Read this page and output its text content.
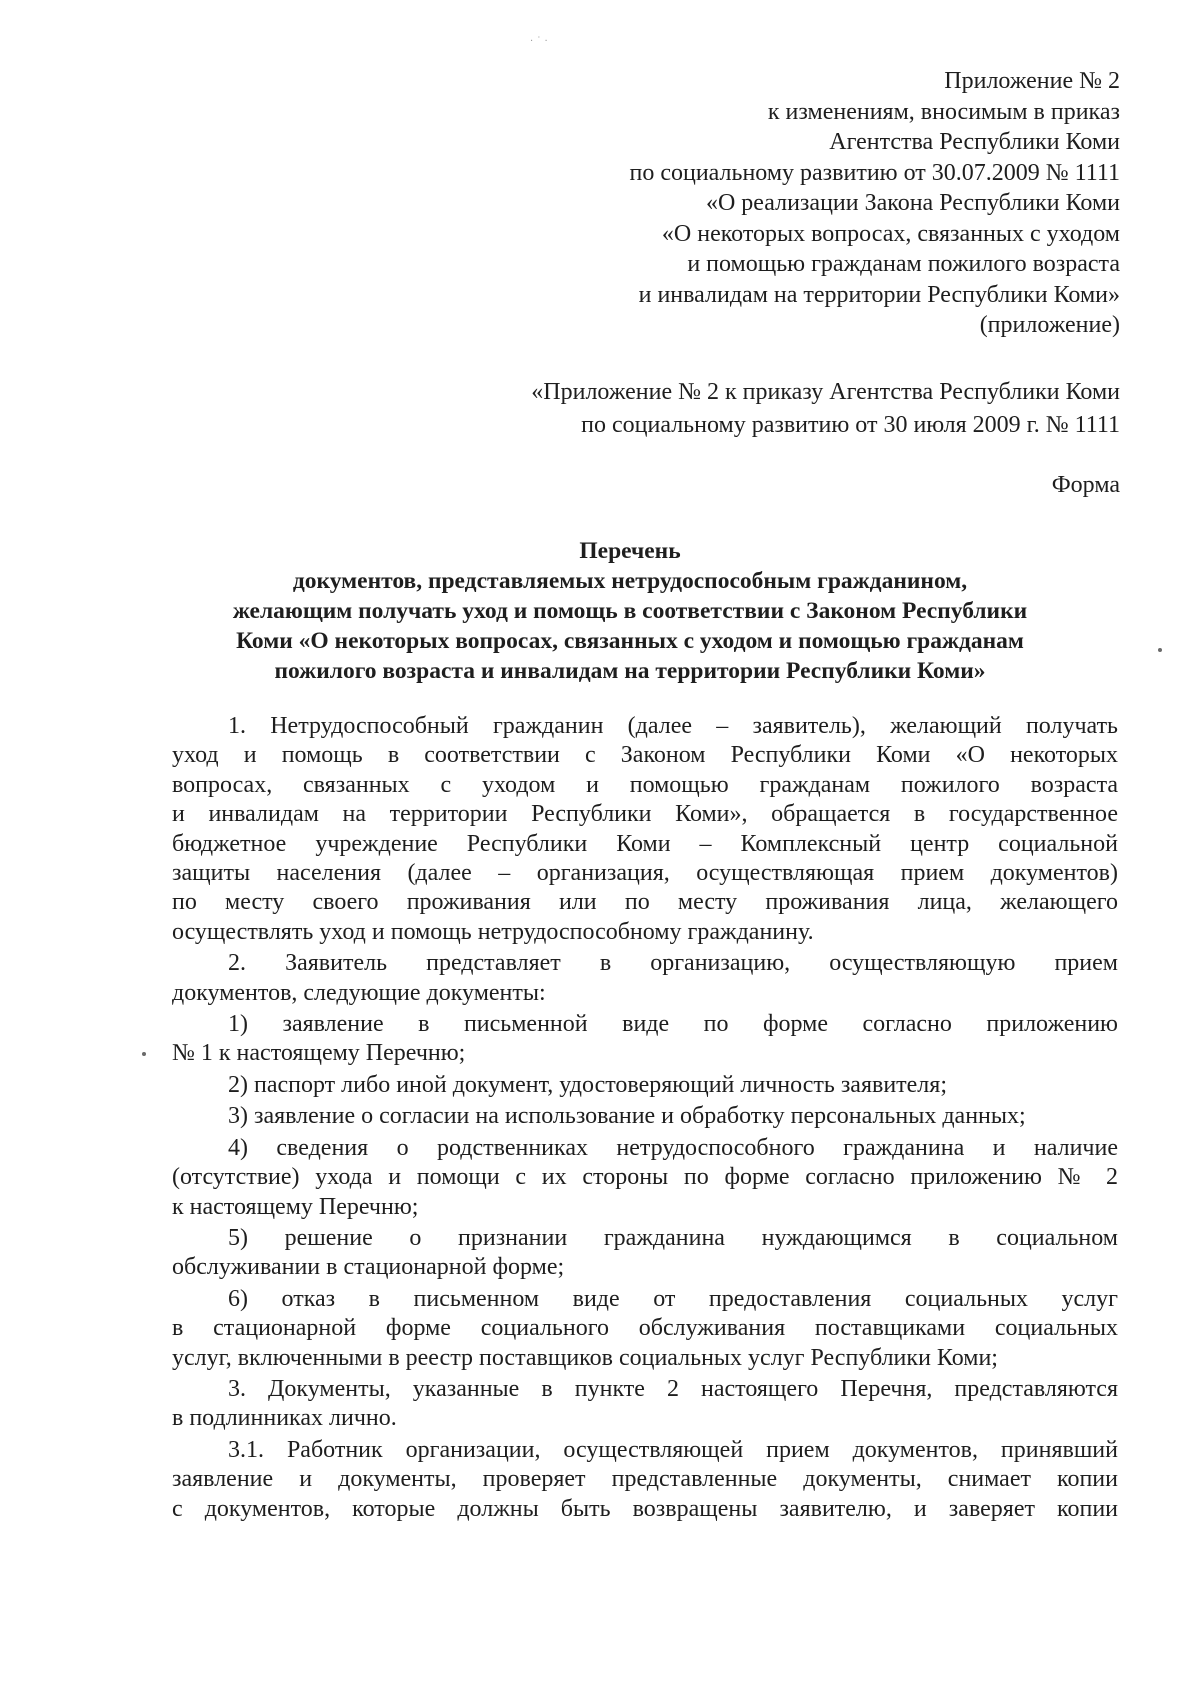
· ˙ ·
Приложение № 2
к изменениям, вносимым в приказ
Агентства Республики Коми
по социальному развитию от 30.07.2009 № 1111
«О реализации Закона Республики Коми
«О некоторых вопросах, связанных с уходом
и помощью гражданам пожилого возраста
и инвалидам на территории Республики Коми»
(приложение)
«Приложение № 2 к приказу Агентства Республики Коми
по социальному развитию от 30 июля 2009 г. № 1111
Форма
Перечень
документов, представляемых нетрудоспособным гражданином,
желающим получать уход и помощь в соответствии с Законом Республики
Коми «О некоторых вопросах, связанных с уходом и помощью гражданам
пожилого возраста и инвалидам на территории Республики Коми»
1. Нетрудоспособный гражданин (далее – заявитель), желающий получать
уход и помощь в соответствии с Законом Республики Коми «О некоторых
вопросах, связанных с уходом и помощью гражданам пожилого возраста
и инвалидам на территории Республики Коми», обращается в государственное
бюджетное учреждение Республики Коми – Комплексный центр социальной
защиты населения (далее – организация, осуществляющая прием документов)
по месту своего проживания или по месту проживания лица, желающего
осуществлять уход и помощь нетрудоспособному гражданину.
2. Заявитель представляет в организацию, осуществляющую прием
документов, следующие документы:
1) заявление в письменной виде по форме согласно приложению
№ 1 к настоящему Перечню;
2) паспорт либо иной документ, удостоверяющий личность заявителя;
3) заявление о согласии на использование и обработку персональных данных;
4) сведения о родственниках нетрудоспособного гражданина и наличие
(отсутствие) ухода и помощи с их стороны по форме согласно приложению № 2
к настоящему Перечню;
5) решение о признании гражданина нуждающимся в социальном
обслуживании в стационарной форме;
6) отказ в письменном виде от предоставления социальных услуг
в стационарной форме социального обслуживания поставщиками социальных
услуг, включенными в реестр поставщиков социальных услуг Республики Коми;
3. Документы, указанные в пункте 2 настоящего Перечня, представляются
в подлинниках лично.
3.1. Работник организации, осуществляющей прием документов, принявший
заявление и документы, проверяет представленные документы, снимает копии
с документов, которые должны быть возвращены заявителю, и заверяет копии
